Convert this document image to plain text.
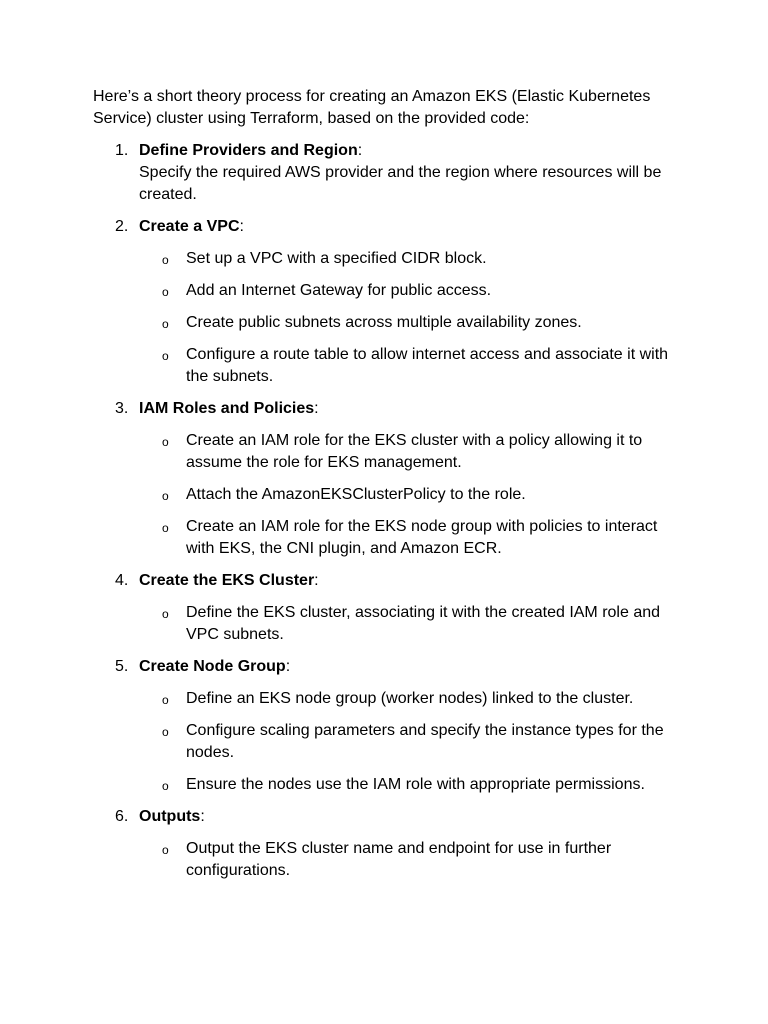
Here’s a short theory process for creating an Amazon EKS (Elastic Kubernetes Service) cluster using Terraform, based on the provided code:

1. Define Providers and Region:
Specify the required AWS provider and the region where resources will be created.
2. Create a VPC:
o Set up a VPC with a specified CIDR block.
o Add an Internet Gateway for public access.
o Create public subnets across multiple availability zones.
o Configure a route table to allow internet access and associate it with the subnets.
3. IAM Roles and Policies:
o Create an IAM role for the EKS cluster with a policy allowing it to assume the role for EKS management.
o Attach the AmazonEKSClusterPolicy to the role.
o Create an IAM role for the EKS node group with policies to interact with EKS, the CNI plugin, and Amazon ECR.
4. Create the EKS Cluster:
o Define the EKS cluster, associating it with the created IAM role and VPC subnets.
5. Create Node Group:
o Define an EKS node group (worker nodes) linked to the cluster.
o Configure scaling parameters and specify the instance types for the nodes.
o Ensure the nodes use the IAM role with appropriate permissions.
6. Outputs:
o Output the EKS cluster name and endpoint for use in further configurations.
